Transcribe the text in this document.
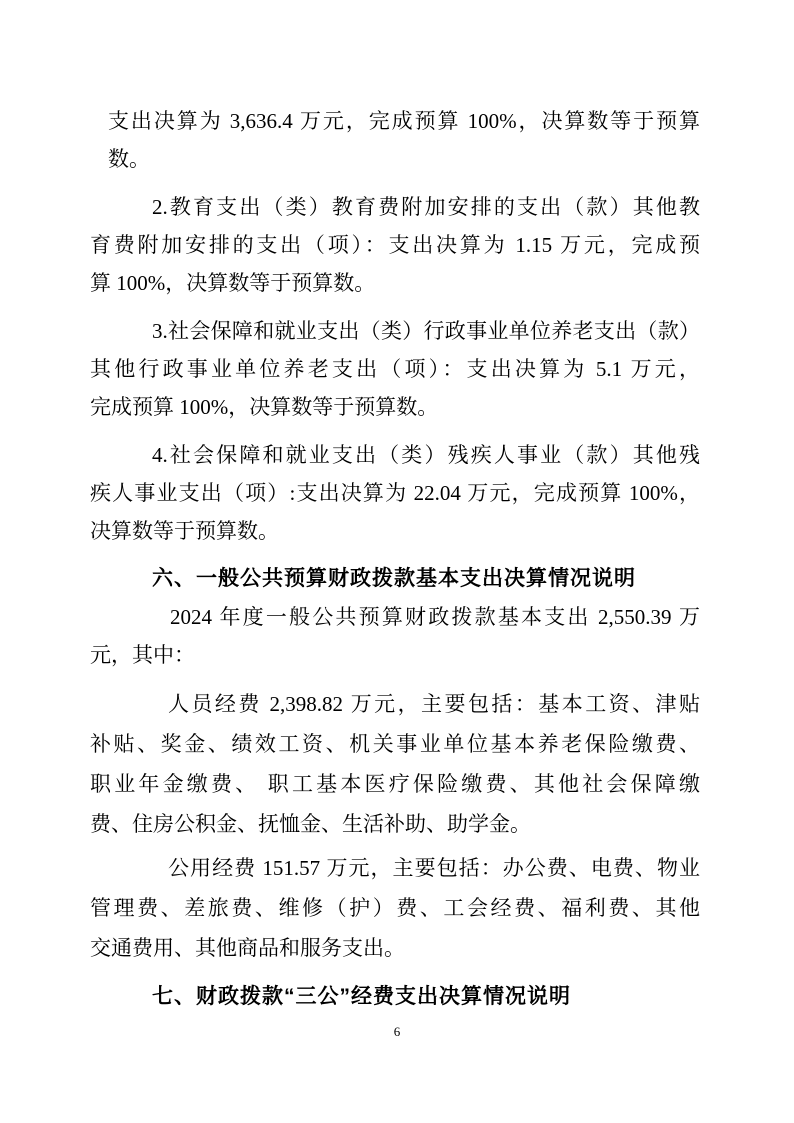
支出决算为 3,636.4 万元，完成预算 100%，决算数等于预算
数。
2.教育支出（类）教育费附加安排的支出（款）其他教
育费附加安排的支出（项）：支出决算为 1.15 万元，完成预
算 100%，决算数等于预算数。
3.社会保障和就业支出（类）行政事业单位养老支出（款）
其他行政事业单位养老支出（项）：支出决算为 5.1 万元，
完成预算 100%，决算数等于预算数。
4.社会保障和就业支出（类）残疾人事业（款）其他残
疾人事业支出（项）:支出决算为 22.04 万元，完成预算 100%，
决算数等于预算数。
六、一般公共预算财政拨款基本支出决算情况说明
2024 年度一般公共预算财政拨款基本支出 2,550.39 万
元，其中：
人员经费 2,398.82 万元，主要包括：基本工资、津贴
补贴、奖金、绩效工资、机关事业单位基本养老保险缴费、
职业年金缴费、 职工基本医疗保险缴费、其他社会保障缴
费、住房公积金、抚恤金、生活补助、助学金。
公用经费 151.57 万元，主要包括：办公费、电费、物业
管理费、差旅费、维修（护）费、工会经费、福利费、其他
交通费用、其他商品和服务支出。
七、财政拨款“三公”经费支出决算情况说明
6
